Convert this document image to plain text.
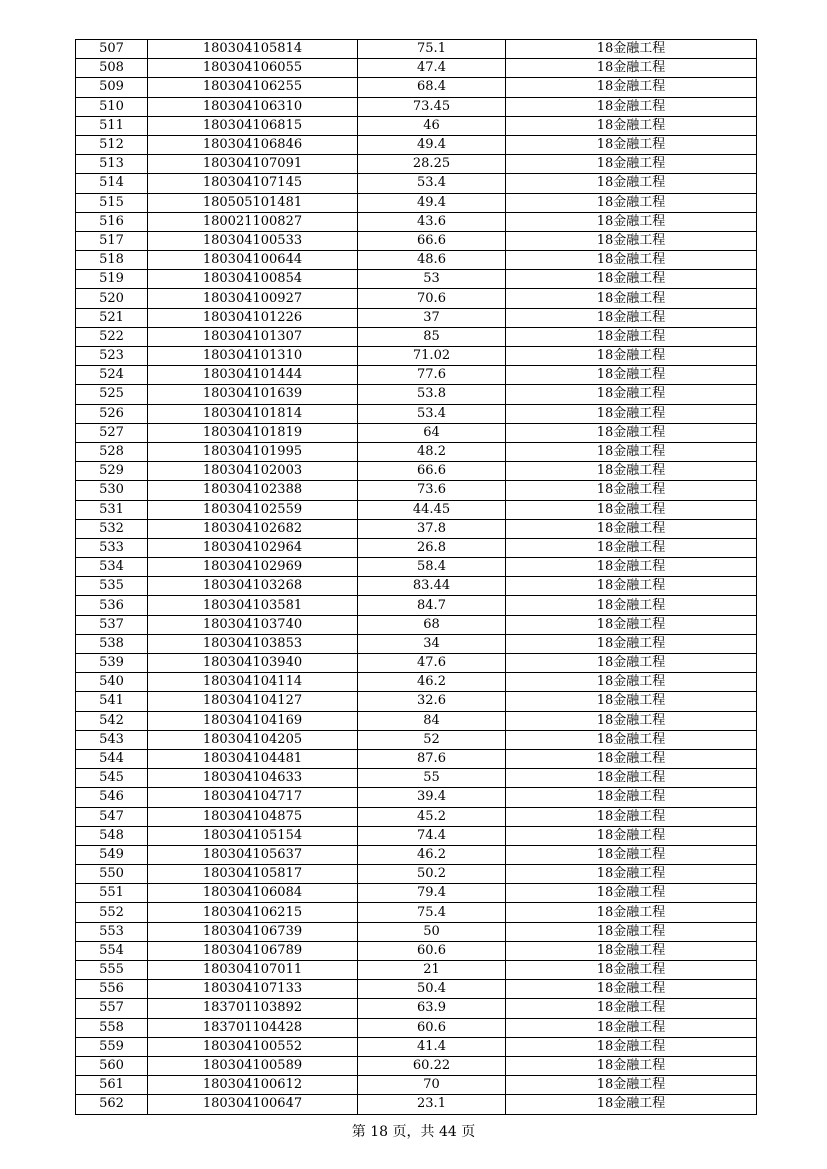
507	180304105814	75.1	18金融工程
508	180304106055	47.4	18金融工程
509	180304106255	68.4	18金融工程
510	180304106310	73.45	18金融工程
511	180304106815	46	18金融工程
512	180304106846	49.4	18金融工程
513	180304107091	28.25	18金融工程
514	180304107145	53.4	18金融工程
515	180505101481	49.4	18金融工程
516	180021100827	43.6	18金融工程
517	180304100533	66.6	18金融工程
518	180304100644	48.6	18金融工程
519	180304100854	53	18金融工程
520	180304100927	70.6	18金融工程
521	180304101226	37	18金融工程
522	180304101307	85	18金融工程
523	180304101310	71.02	18金融工程
524	180304101444	77.6	18金融工程
525	180304101639	53.8	18金融工程
526	180304101814	53.4	18金融工程
527	180304101819	64	18金融工程
528	180304101995	48.2	18金融工程
529	180304102003	66.6	18金融工程
530	180304102388	73.6	18金融工程
531	180304102559	44.45	18金融工程
532	180304102682	37.8	18金融工程
533	180304102964	26.8	18金融工程
534	180304102969	58.4	18金融工程
535	180304103268	83.44	18金融工程
536	180304103581	84.7	18金融工程
537	180304103740	68	18金融工程
538	180304103853	34	18金融工程
539	180304103940	47.6	18金融工程
540	180304104114	46.2	18金融工程
541	180304104127	32.6	18金融工程
542	180304104169	84	18金融工程
543	180304104205	52	18金融工程
544	180304104481	87.6	18金融工程
545	180304104633	55	18金融工程
546	180304104717	39.4	18金融工程
547	180304104875	45.2	18金融工程
548	180304105154	74.4	18金融工程
549	180304105637	46.2	18金融工程
550	180304105817	50.2	18金融工程
551	180304106084	79.4	18金融工程
552	180304106215	75.4	18金融工程
553	180304106739	50	18金融工程
554	180304106789	60.6	18金融工程
555	180304107011	21	18金融工程
556	180304107133	50.4	18金融工程
557	183701103892	63.9	18金融工程
558	183701104428	60.6	18金融工程
559	180304100552	41.4	18金融工程
560	180304100589	60.22	18金融工程
561	180304100612	70	18金融工程
562	180304100647	23.1	18金融工程
第 18 页，共 44 页
